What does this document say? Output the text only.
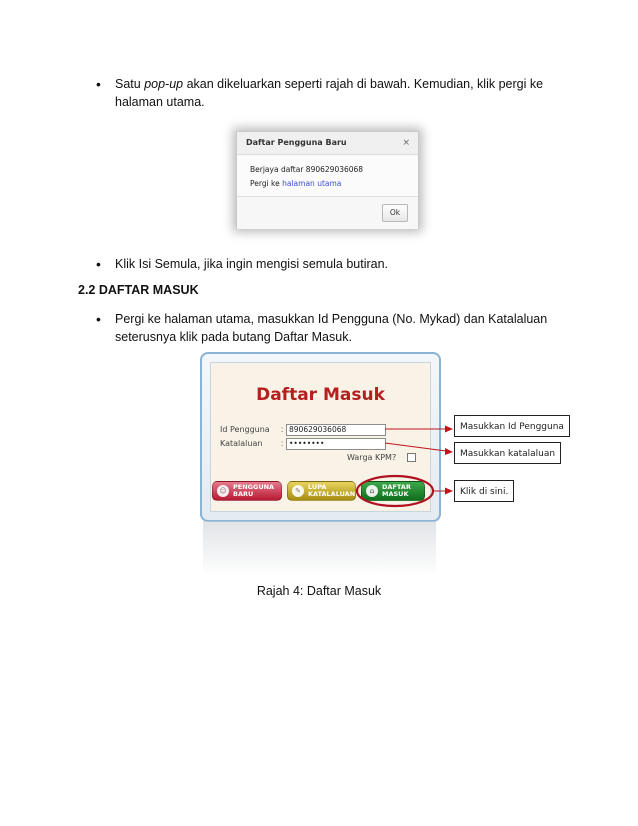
• Satu pop-up akan dikeluarkan seperti rajah di bawah. Kemudian, klik pergi ke
halaman utama.
Daftar Pengguna Baru	×
Berjaya daftar 890629036068
Pergi ke halaman utama
Ok
• Klik Isi Semula, jika ingin mengisi semula butiran.
2.2 DAFTAR MASUK
• Pergi ke halaman utama, masukkan Id Pengguna (No. Mykad) dan Katalaluan
seterusnya klik pada butang Daftar Masuk.
Daftar Masuk
Id Pengguna : 890629036068
Katalaluan : ••••••••
Warga KPM?
☺ PENGGUNA
BARU	✎	LUPA
KATALALUAN	⌂	DAFTAR
MASUK
Masukkan Id Pengguna
Masukkan katalaluan
Klik di sini.
Rajah 4: Daftar Masuk
